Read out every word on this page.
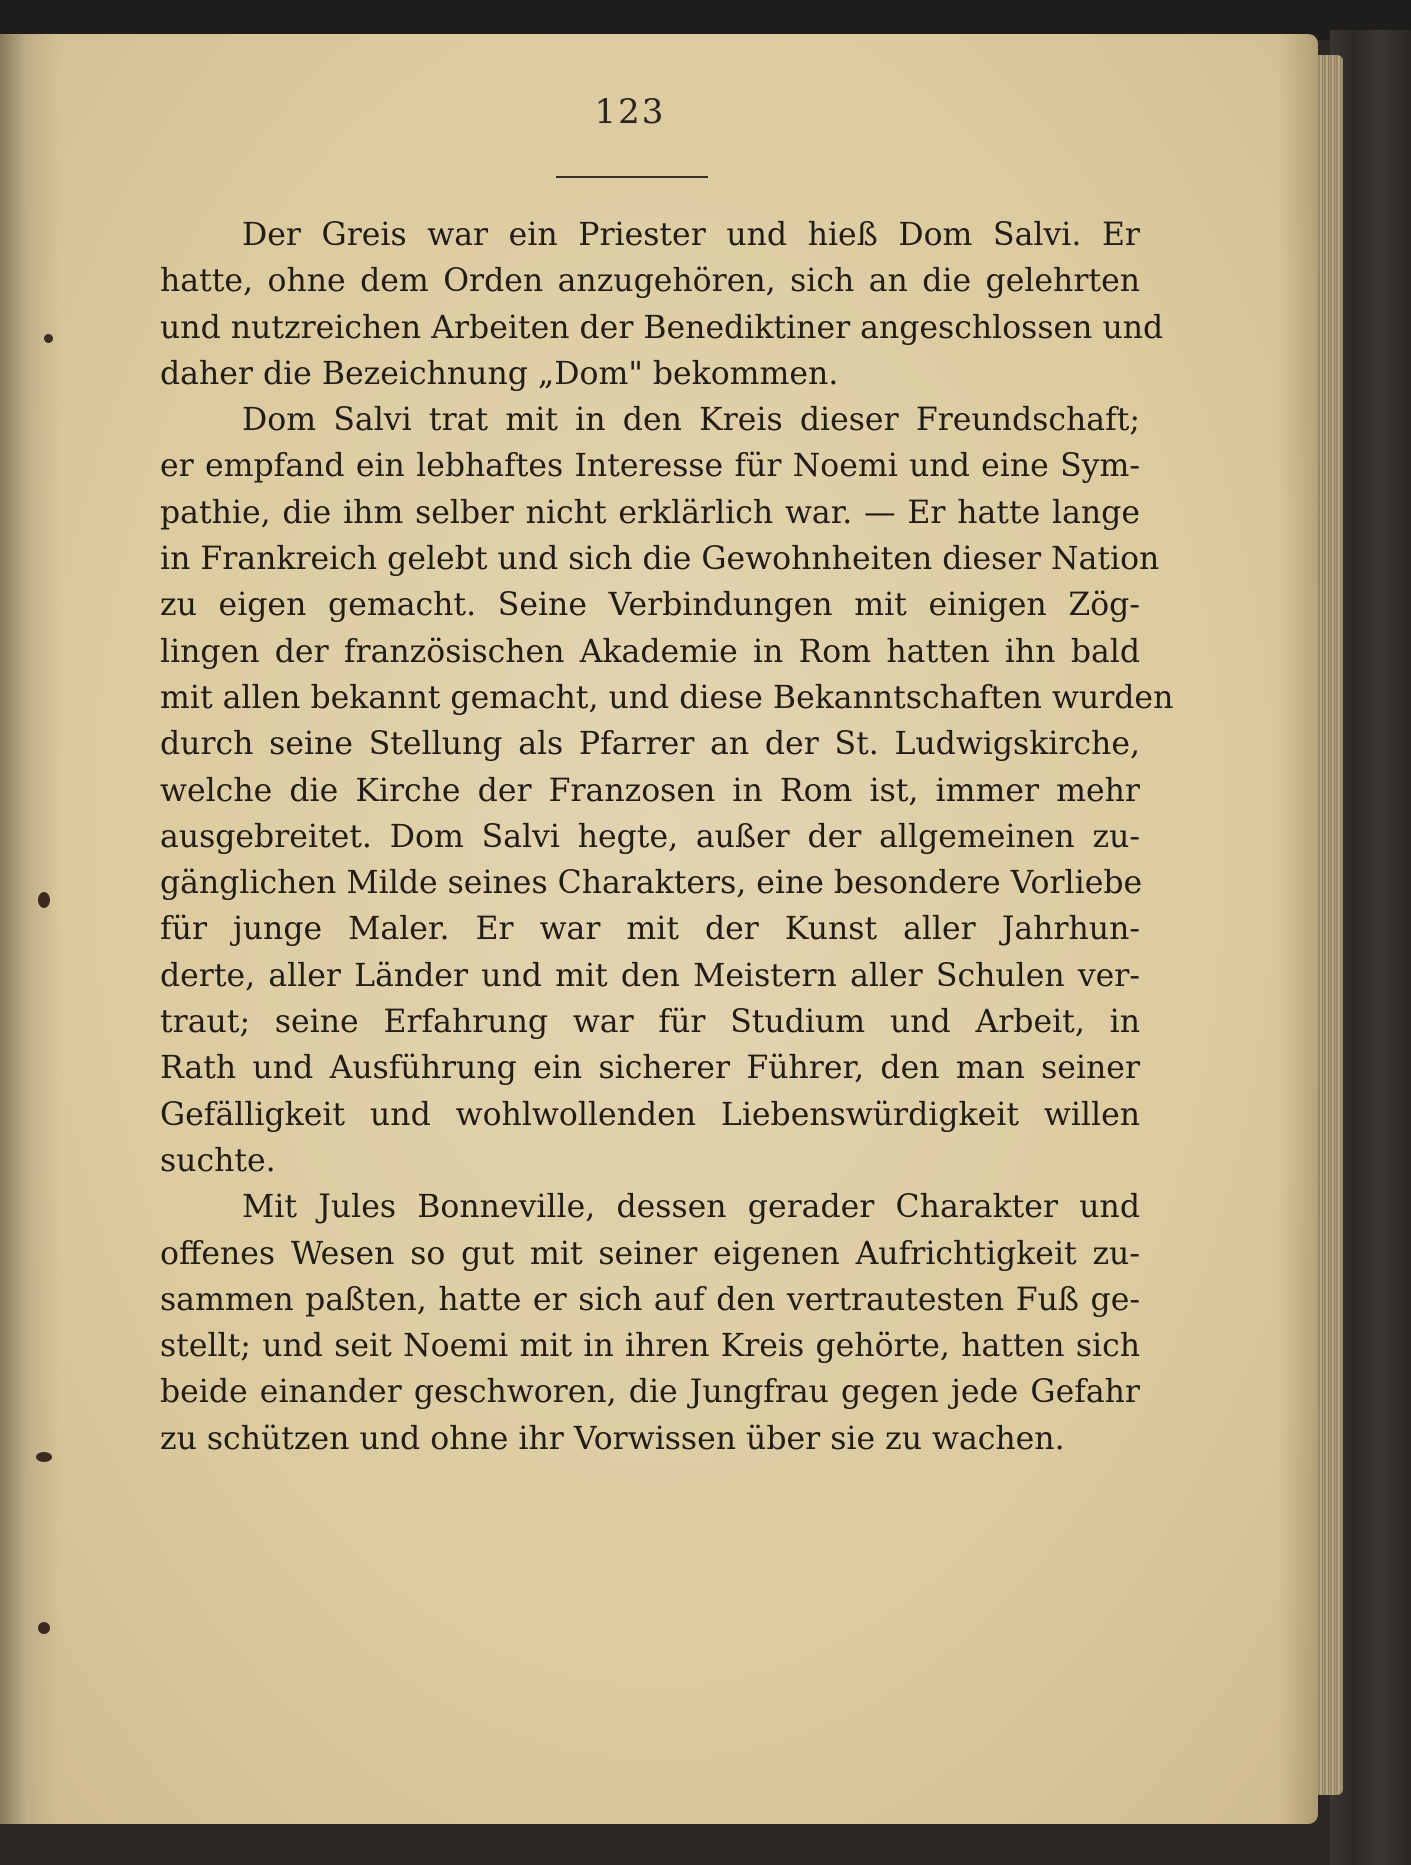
123
Der Greis war ein Priester und hieß Dom Salvi. Er
hatte, ohne dem Orden anzugehören, sich an die gelehrten
und nutzreichen Arbeiten der Benediktiner angeschlossen und
daher die Bezeichnung „Dom" bekommen.
Dom Salvi trat mit in den Kreis dieser Freundschaft;
er empfand ein lebhaftes Interesse für Noemi und eine Sym-
pathie, die ihm selber nicht erklärlich war. — Er hatte lange
in Frankreich gelebt und sich die Gewohnheiten dieser Nation
zu eigen gemacht. Seine Verbindungen mit einigen Zög-
lingen der französischen Akademie in Rom hatten ihn bald
mit allen bekannt gemacht, und diese Bekanntschaften wurden
durch seine Stellung als Pfarrer an der St. Ludwigskirche,
welche die Kirche der Franzosen in Rom ist, immer mehr
ausgebreitet. Dom Salvi hegte, außer der allgemeinen zu-
gänglichen Milde seines Charakters, eine besondere Vorliebe
für junge Maler. Er war mit der Kunst aller Jahrhun-
derte, aller Länder und mit den Meistern aller Schulen ver-
traut; seine Erfahrung war für Studium und Arbeit, in
Rath und Ausführung ein sicherer Führer, den man seiner
Gefälligkeit und wohlwollenden Liebenswürdigkeit willen
suchte.
Mit Jules Bonneville, dessen gerader Charakter und
offenes Wesen so gut mit seiner eigenen Aufrichtigkeit zu-
sammen paßten, hatte er sich auf den vertrautesten Fuß ge-
stellt; und seit Noemi mit in ihren Kreis gehörte, hatten sich
beide einander geschworen, die Jungfrau gegen jede Gefahr
zu schützen und ohne ihr Vorwissen über sie zu wachen.
